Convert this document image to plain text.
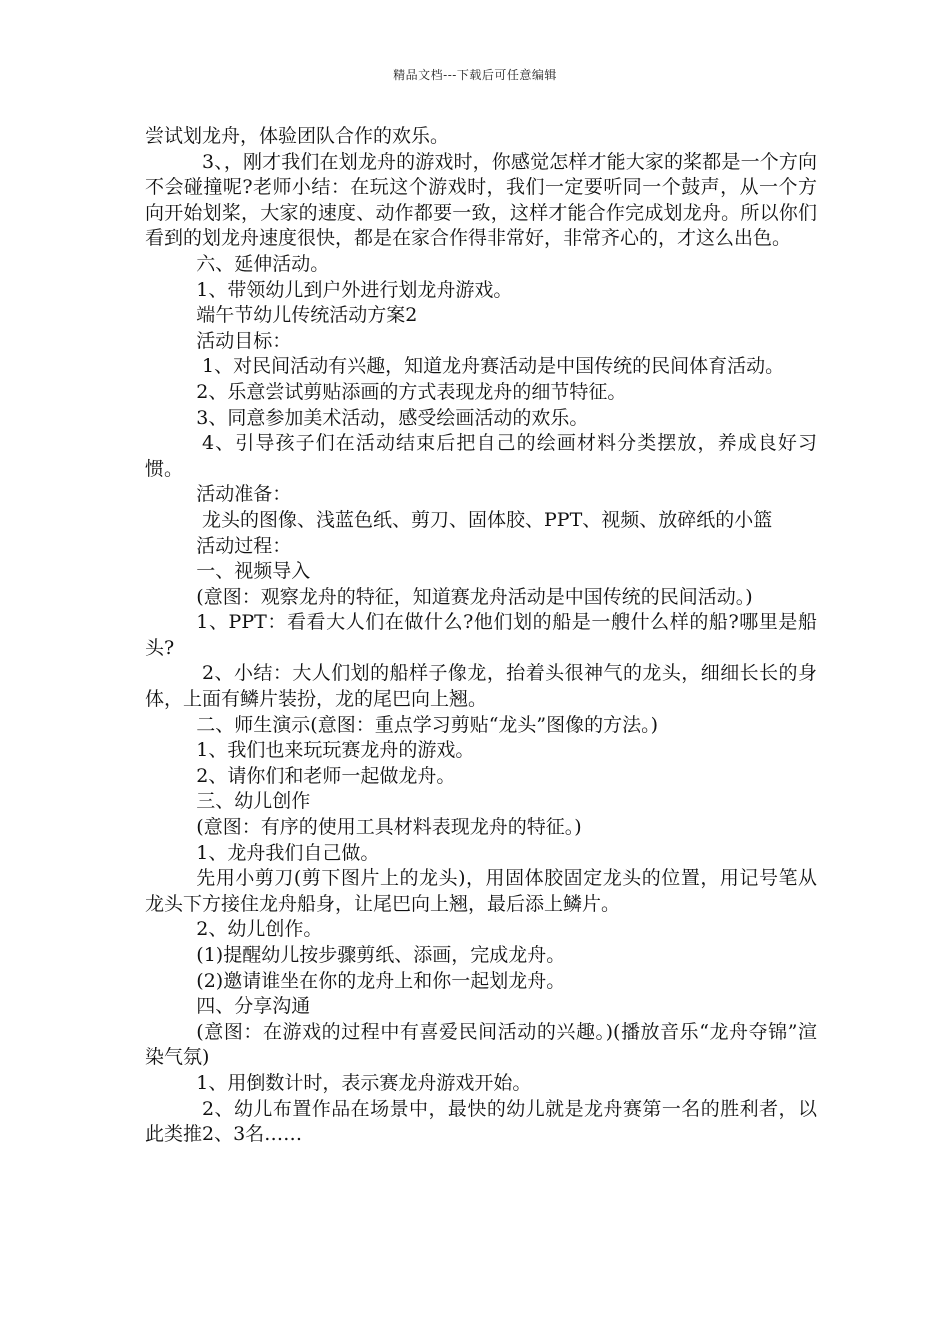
精品文档---下载后可任意编辑

尝试划龙舟，体验团队合作的欢乐。

3、，刚才我们在划龙舟的游戏时，你感觉怎样才能大家的桨都是一个方向不会碰撞呢?老师小结：在玩这个游戏时，我们一定要听同一个鼓声，从一个方向开始划桨，大家的速度、动作都要一致，这样才能合作完成划龙舟。所以你们看到的划龙舟速度很快，都是在家合作得非常好，非常齐心的，才这么出色。

六、延伸活动。

1、带领幼儿到户外进行划龙舟游戏。

端午节幼儿传统活动方案2

活动目标：

1、对民间活动有兴趣，知道龙舟赛活动是中国传统的民间体育活动。

2、乐意尝试剪贴添画的方式表现龙舟的细节特征。

3、同意参加美术活动，感受绘画活动的欢乐。

4、引导孩子们在活动结束后把自己的绘画材料分类摆放，养成良好习惯。

活动准备：

龙头的图像、浅蓝色纸、剪刀、固体胶、PPT、视频、放碎纸的小篮

活动过程：

一、视频导入

(意图：观察龙舟的特征，知道赛龙舟活动是中国传统的民间活动。)

1、PPT：看看大人们在做什么?他们划的船是一艘什么样的船?哪里是船头?

2、小结：大人们划的船样子像龙，抬着头很神气的龙头，细细长长的身体，上面有鳞片装扮，龙的尾巴向上翘。

二、师生演示(意图：重点学习剪贴“龙头”图像的方法。)

1、我们也来玩玩赛龙舟的游戏。

2、请你们和老师一起做龙舟。

三、幼儿创作

(意图：有序的使用工具材料表现龙舟的特征。)

1、龙舟我们自己做。

先用小剪刀(剪下图片上的龙头)，用固体胶固定龙头的位置，用记号笔从龙头下方接住龙舟船身，让尾巴向上翘，最后添上鳞片。

2、幼儿创作。

(1)提醒幼儿按步骤剪纸、添画，完成龙舟。

(2)邀请谁坐在你的龙舟上和你一起划龙舟。

四、分享沟通

(意图：在游戏的过程中有喜爱民间活动的兴趣。)(播放音乐“龙舟夺锦”渲染气氛)

1、用倒数计时，表示赛龙舟游戏开始。

2、幼儿布置作品在场景中，最快的幼儿就是龙舟赛第一名的胜利者，以此类推2、3名……
